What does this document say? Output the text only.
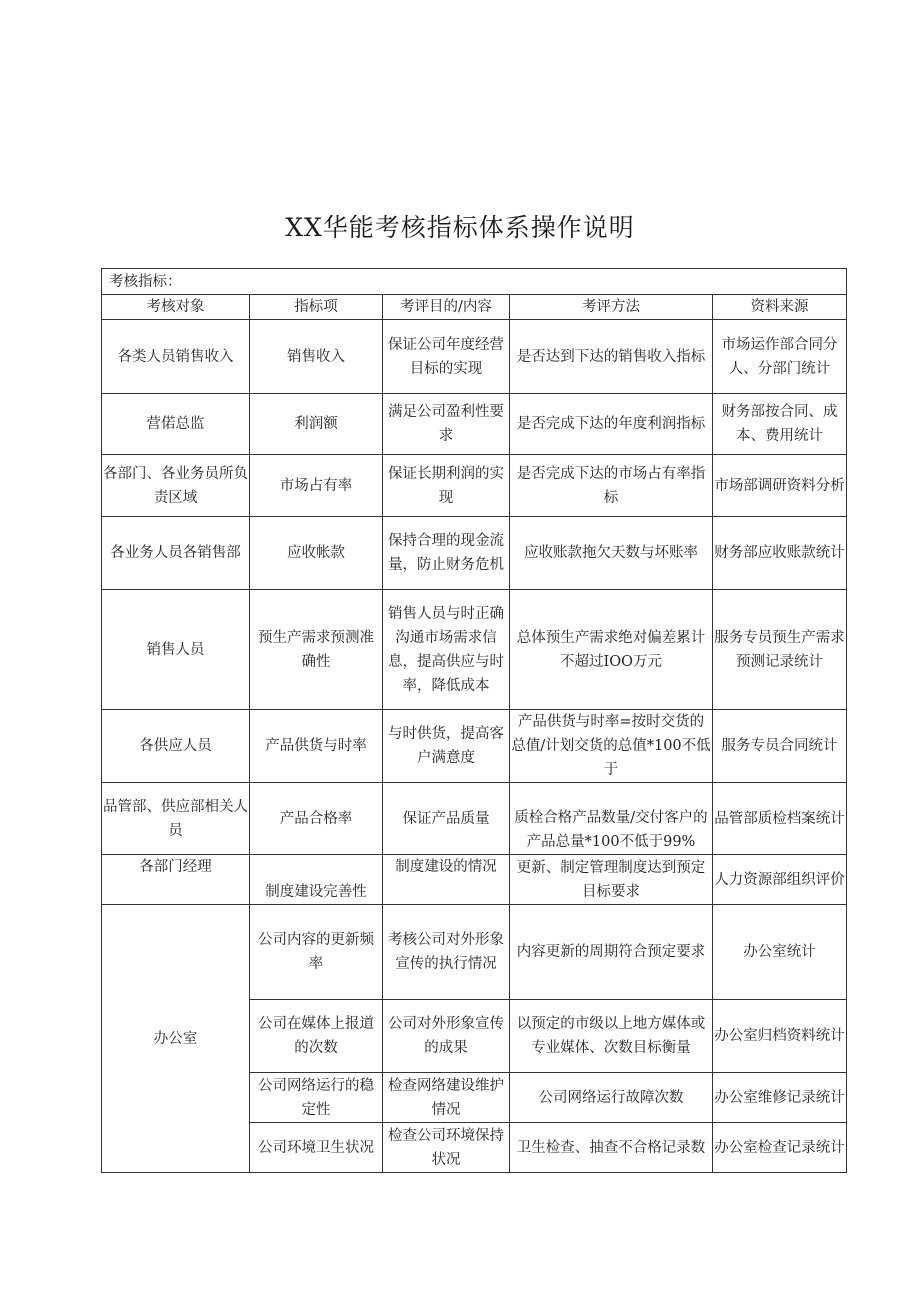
XX华能考核指标体系操作说明
考核指标：				
考核对象	指标项	考评目的/内容	考评方法	资料来源
各类人员销售收入	销售收入	保证公司年度经营目标的实现	是否达到下达的销售收入指标	市场运作部合同分人、分部门统计
营偌总监	利润额	满足公司盈利性要求	是否完成下达的年度利润指标	财务部按合同、成本、费用统计
各部门、各业务员所负责区域	市场占有率	保证长期利润的实现	是否完成下达的市场占有率指标	市场部调研资料分析
各业务人员各销售部	应收帐款	保持合理的现金流量，防止财务危机	应收账款拖欠天数与坏账率	财务部应收账款统计
销售人员	预生产需求预测准确性	销售人员与时正确沟通市场需求信息，提高供应与时率，降低成本	总体预生产需求绝对偏差累计不超过IOO万元	服务专员预生产需求预测记录统计
各供应人员	产品供货与时率	与时供货，提高客户满意度	产品供货与时率=按时交货的总值/计划交货的总值*100不低于	服务专员合同统计
品管部、供应部相关人员	产品合格率	保证产品质量	质栓合格产品数量/交付客户的产品总量*100不低于99%	品管部质检档案统计
各部门经理	制度建设完善性	制度建设的情况	更新、制定管理制度达到预定目标要求	人力资源部组织评价
办公室	公司内容的更新频率	考核公司对外形象宣传的执行情况	内容更新的周期符合预定要求	办公室统计
	公司在媒体上报道的次数	公司对外形象宣传的成果	以预定的市级以上地方媒体或专业媒体、次数目标衡量	办公室归档资料统计
	公司网络运行的稳定性	检查网络建设维护情况	公司网络运行故障次数	办公室维修记录统计
	公司环境卫生状况	检查公司环境保持状况	卫生检查、抽查不合格记录数	办公室检查记录统计
